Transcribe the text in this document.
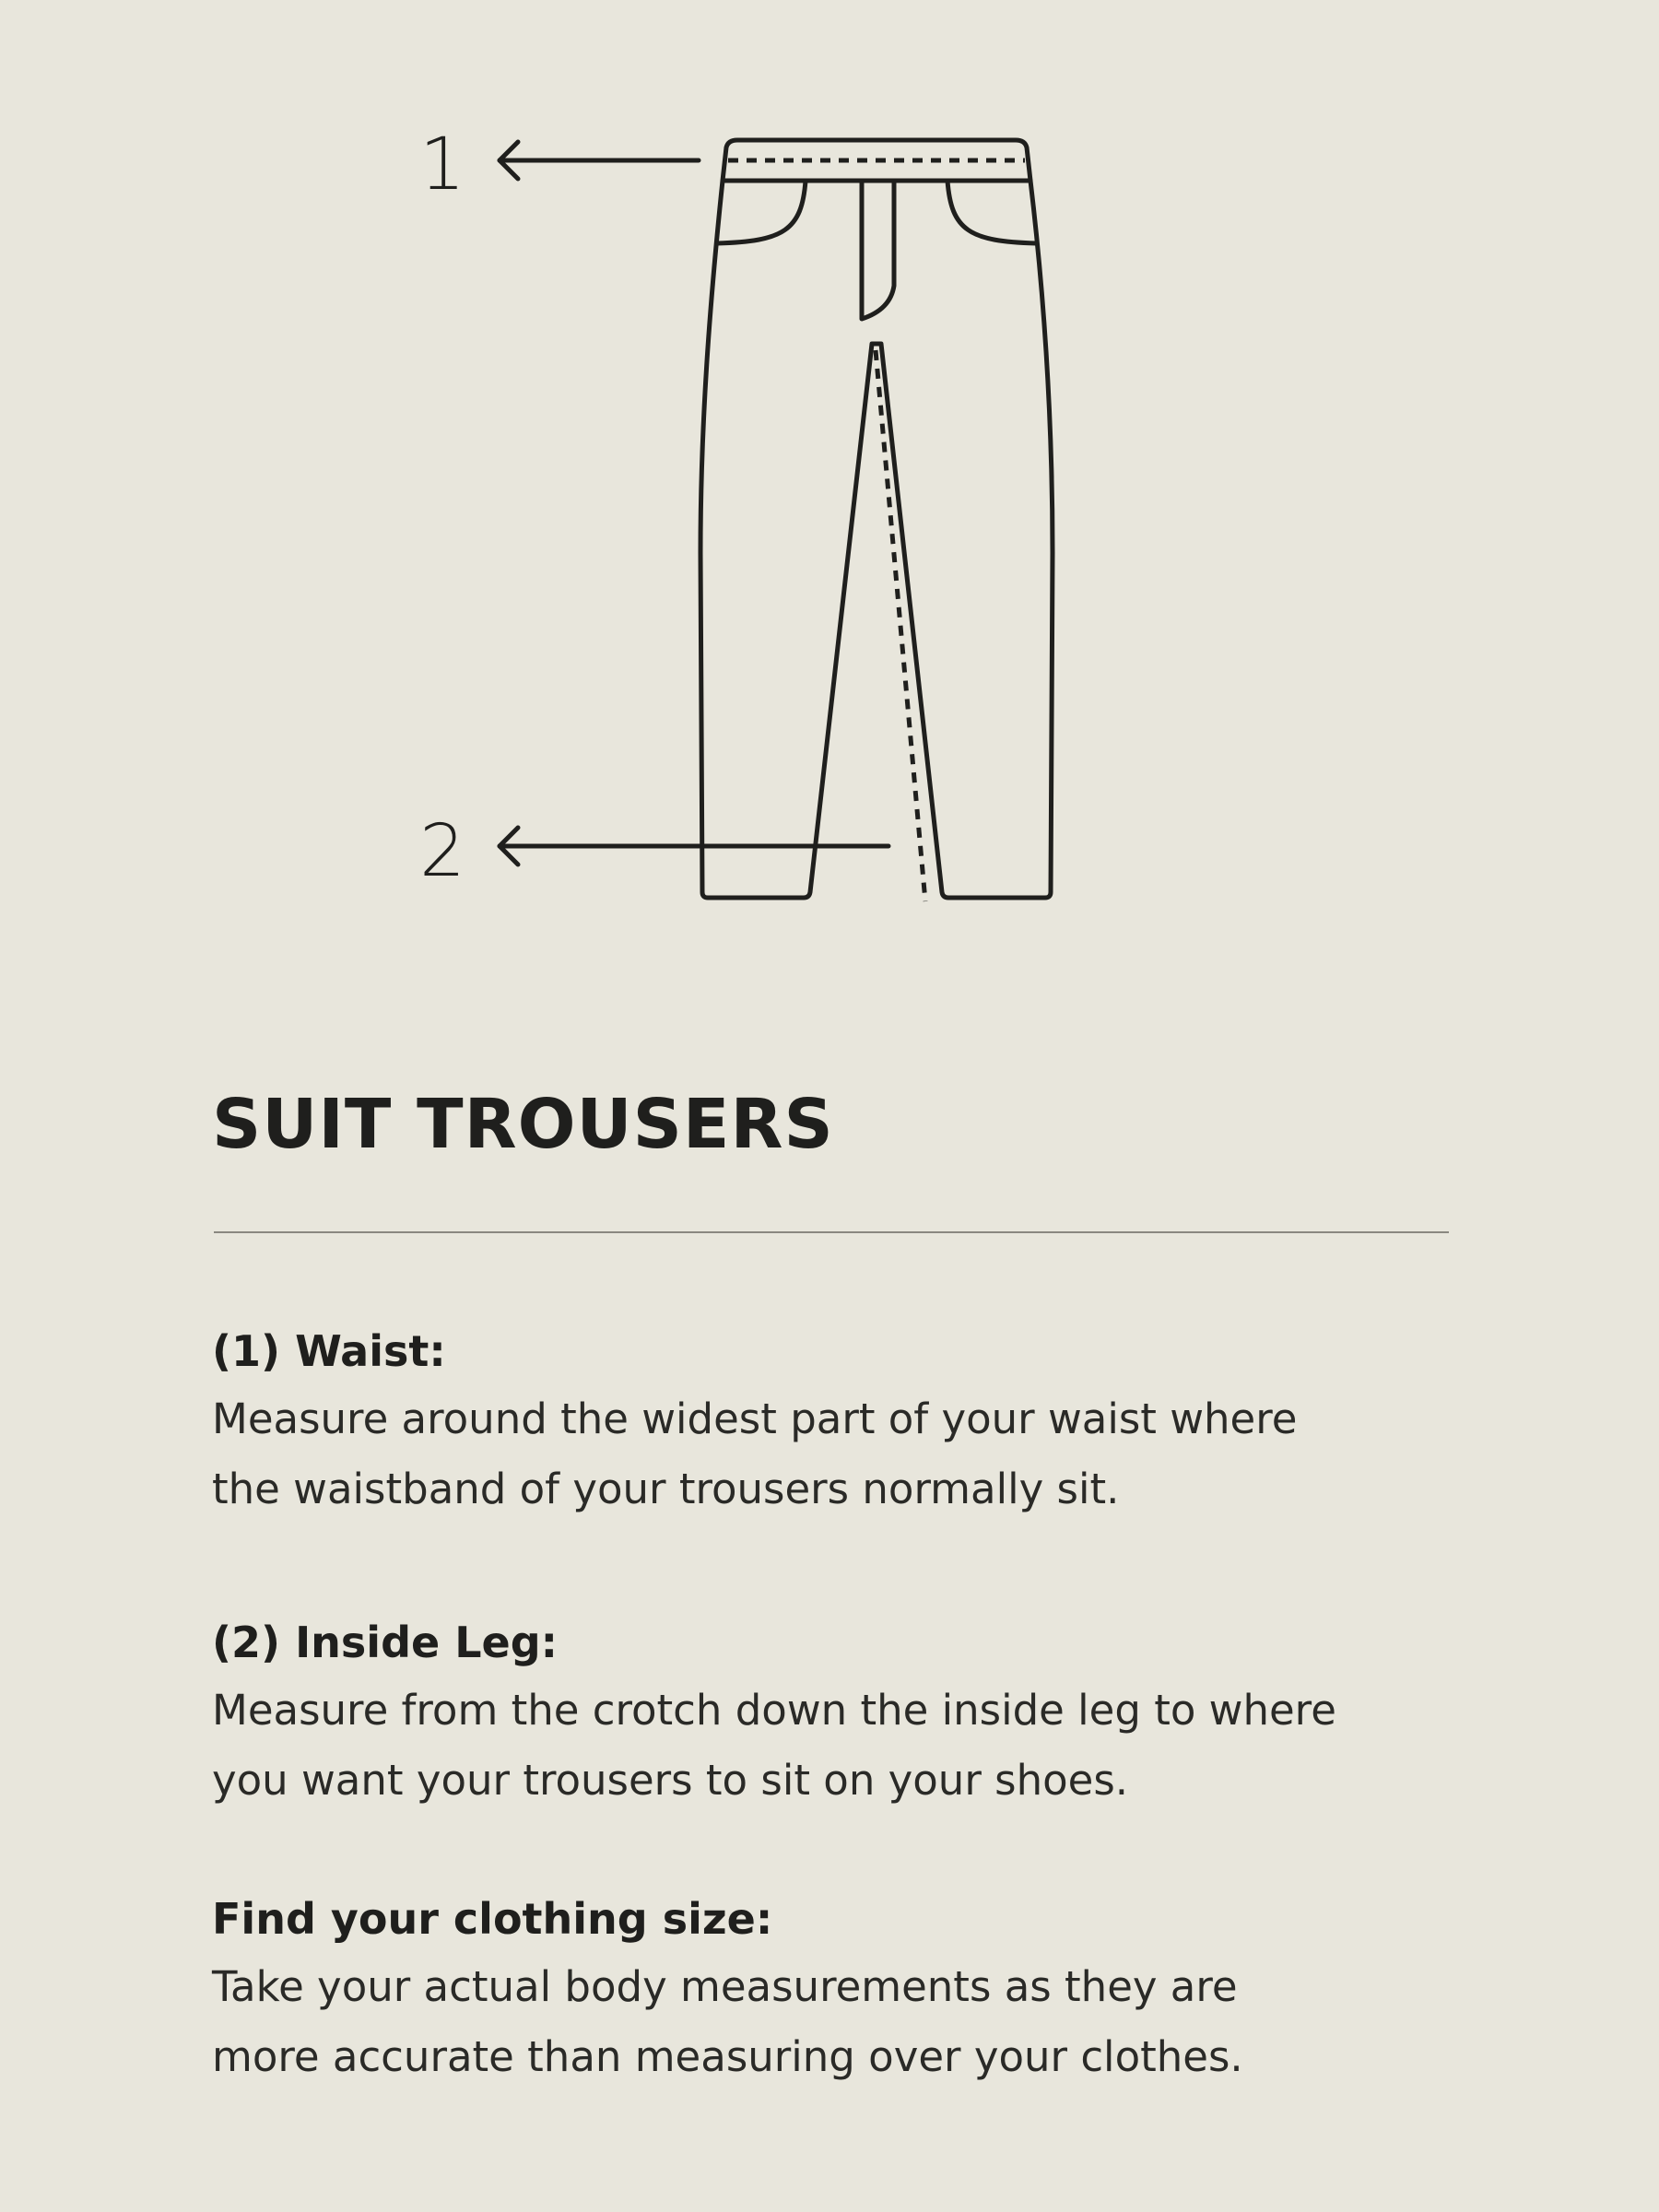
1
2
SUIT TROUSERS
(1) Waist:

Measure around the widest part of your waist where
the waistband of your trousers normally sit.

(2) Inside Leg:

Measure from the crotch down the inside leg to where
you want your trousers to sit on your shoes.

Find your clothing size:

Take your actual body measurements as they are
more accurate than measuring over your clothes.
